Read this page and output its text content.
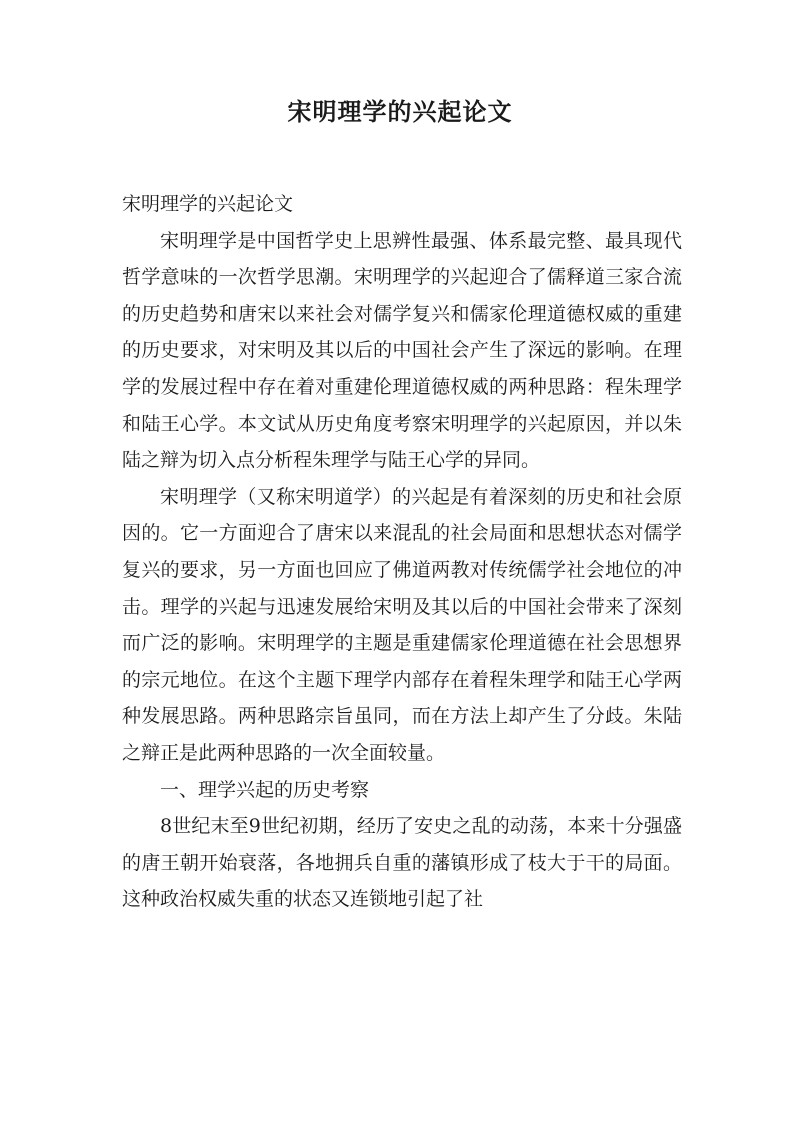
宋明理学的兴起论文

宋明理学的兴起论文

宋明理学是中国哲学史上思辨性最强、体系最完整、最具现代哲学意味的一次哲学思潮。宋明理学的兴起迎合了儒释道三家合流的历史趋势和唐宋以来社会对儒学复兴和儒家伦理道德权威的重建的历史要求，对宋明及其以后的中国社会产生了深远的影响。在理学的发展过程中存在着对重建伦理道德权威的两种思路：程朱理学和陆王心学。本文试从历史角度考察宋明理学的兴起原因，并以朱陆之辩为切入点分析程朱理学与陆王心学的异同。

宋明理学（又称宋明道学）的兴起是有着深刻的历史和社会原因的。它一方面迎合了唐宋以来混乱的社会局面和思想状态对儒学复兴的要求，另一方面也回应了佛道两教对传统儒学社会地位的冲击。理学的兴起与迅速发展给宋明及其以后的中国社会带来了深刻而广泛的影响。宋明理学的主题是重建儒家伦理道德在社会思想界的宗元地位。在这个主题下理学内部存在着程朱理学和陆王心学两种发展思路。两种思路宗旨虽同，而在方法上却产生了分歧。朱陆之辩正是此两种思路的一次全面较量。

一、理学兴起的历史考察

8世纪末至9世纪初期，经历了安史之乱的动荡，本来十分强盛的唐王朝开始衰落，各地拥兵自重的藩镇形成了枝大于干的局面。这种政治权威失重的状态又连锁地引起了社
